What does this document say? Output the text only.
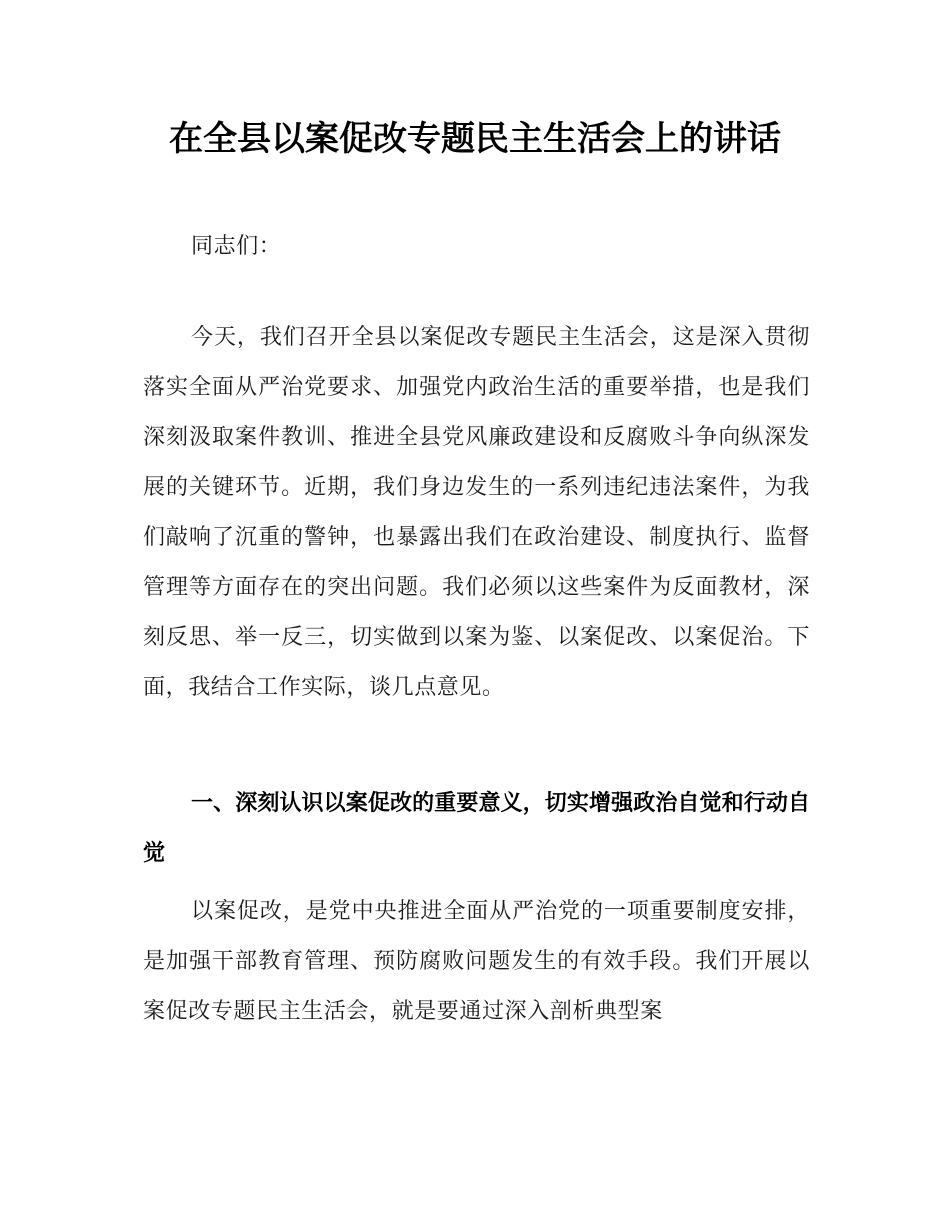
在全县以案促改专题民主生活会上的讲话

同志们：

今天，我们召开全县以案促改专题民主生活会，这是深入贯彻落实全面从严治党要求、加强党内政治生活的重要举措，也是我们深刻汲取案件教训、推进全县党风廉政建设和反腐败斗争向纵深发展的关键环节。近期，我们身边发生的一系列违纪违法案件，为我们敲响了沉重的警钟，也暴露出我们在政治建设、制度执行、监督管理等方面存在的突出问题。我们必须以这些案件为反面教材，深刻反思、举一反三，切实做到以案为鉴、以案促改、以案促治。下面，我结合工作实际，谈几点意见。

一、深刻认识以案促改的重要意义，切实增强政治自觉和行动自觉

以案促改，是党中央推进全面从严治党的一项重要制度安排，是加强干部教育管理、预防腐败问题发生的有效手段。我们开展以案促改专题民主生活会，就是要通过深入剖析典型案
